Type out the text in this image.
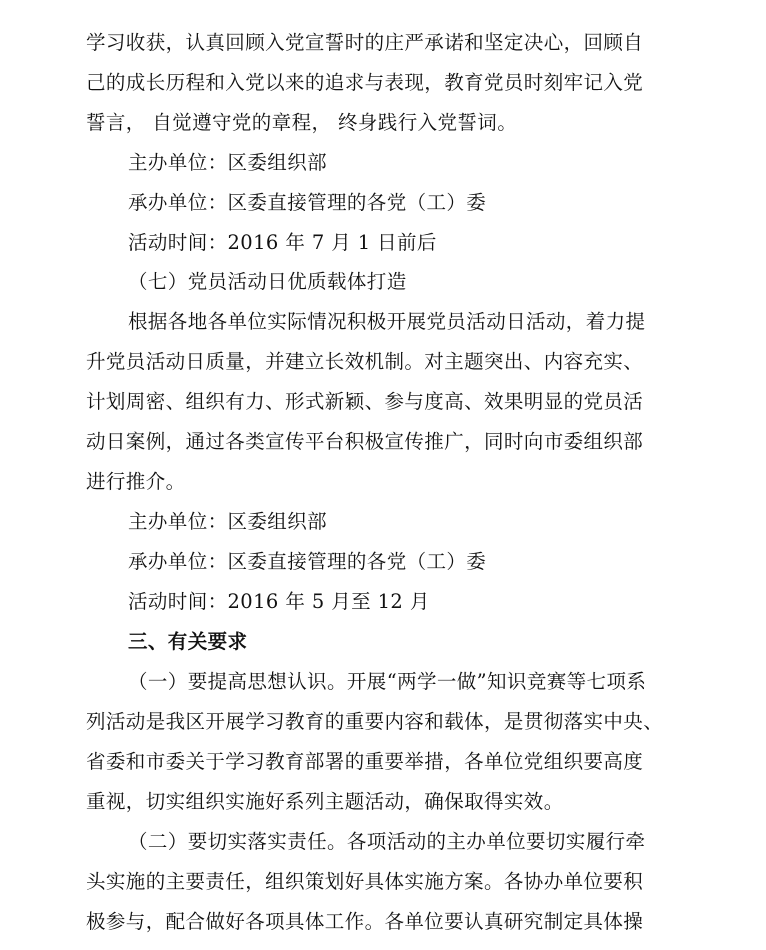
学习收获，认真回顾入党宣誓时的庄严承诺和坚定决心，回顾自
己的成长历程和入党以来的追求与表现，教育党员时刻牢记入党
誓言， 自觉遵守党的章程， 终身践行入党誓词。
主办单位：区委组织部
承办单位：区委直接管理的各党（工）委
活动时间：2016 年 7 月 1 日前后
（七）党员活动日优质载体打造
根据各地各单位实际情况积极开展党员活动日活动，着力提
升党员活动日质量，并建立长效机制。对主题突出、内容充实、
计划周密、组织有力、形式新颖、参与度高、效果明显的党员活
动日案例，通过各类宣传平台积极宣传推广，同时向市委组织部
进行推介。
主办单位：区委组织部
承办单位：区委直接管理的各党（工）委
活动时间：2016 年 5 月至 12 月
三、有关要求
（一）要提高思想认识。开展“两学一做”知识竞赛等七项系
列活动是我区开展学习教育的重要内容和载体，是贯彻落实中央、
省委和市委关于学习教育部署的重要举措，各单位党组织要高度
重视，切实组织实施好系列主题活动，确保取得实效。
（二）要切实落实责任。各项活动的主办单位要切实履行牵
头实施的主要责任，组织策划好具体实施方案。各协办单位要积
极参与，配合做好各项具体工作。各单位要认真研究制定具体操
